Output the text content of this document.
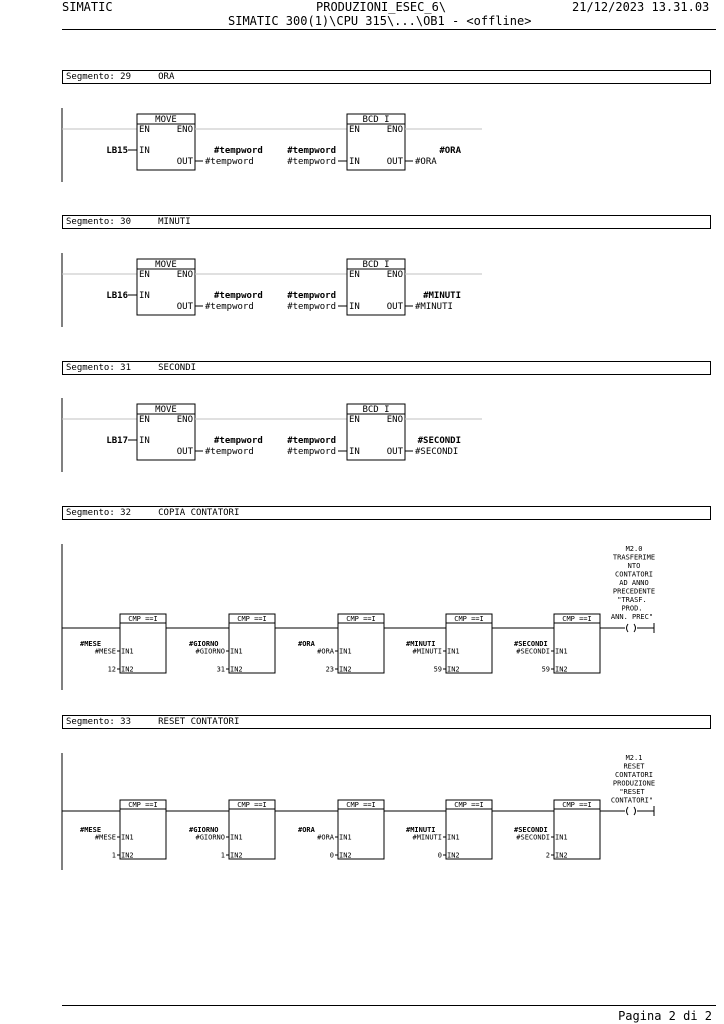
SIMATIC	PRODUZIONI_ESEC_6\	21/12/2023 13.31.03
SIMATIC 300(1)\CPU 315\...\OB1 - <offline>
Segmento: 29     ORA
Segmento: 30     MINUTI
Segmento: 31     SECONDI
Segmento: 32     COPIA CONTATORI
Segmento: 33     RESET CONTATORI
MOVE
EN	ENO
IN
LB15
OUT
#tempword
#tempword
BCD_I
EN	ENO
IN
#tempword
#tempword	OUT
#ORA
#ORA
MOVE
EN	ENO
IN
LB16
OUT
#tempword
#tempword
BCD_I
EN	ENO
IN
#tempword
#tempword	OUT
#MINUTI
#MINUTI
MOVE
EN	ENO
IN
LB17
OUT
#tempword
#tempword
BCD_I
EN	ENO
IN
#tempword
#tempword	OUT
#SECONDI
#SECONDI
CMP ==I
IN1
IN2
#MESE
#MESE
12
CMP ==I
IN1
IN2
#GIORNO
#GIORNO
31
CMP ==I
IN1
IN2
#ORA
#ORA
23
CMP ==I
IN1
IN2
#MINUTI
#MINUTI
59
CMP ==I
IN1
IN2
#SECONDI
#SECONDI
59
M2.0
TRASFERIME
NTO
CONTATORI
AD ANNO
PRECEDENTE
"TRASF.
PROD.
ANN. PREC"
CMP ==I
IN1
IN2
#MESE
#MESE
1
CMP ==I
IN1
IN2
#GIORNO
#GIORNO
1
CMP ==I
IN1
IN2
#ORA
#ORA
0
CMP ==I
IN1
IN2
#MINUTI
#MINUTI
0
CMP ==I
IN1
IN2
#SECONDI
#SECONDI
2
M2.1
RESET
CONTATORI
PRODUZIONE
"RESET
CONTATORI"
Pagina 2 di 2
